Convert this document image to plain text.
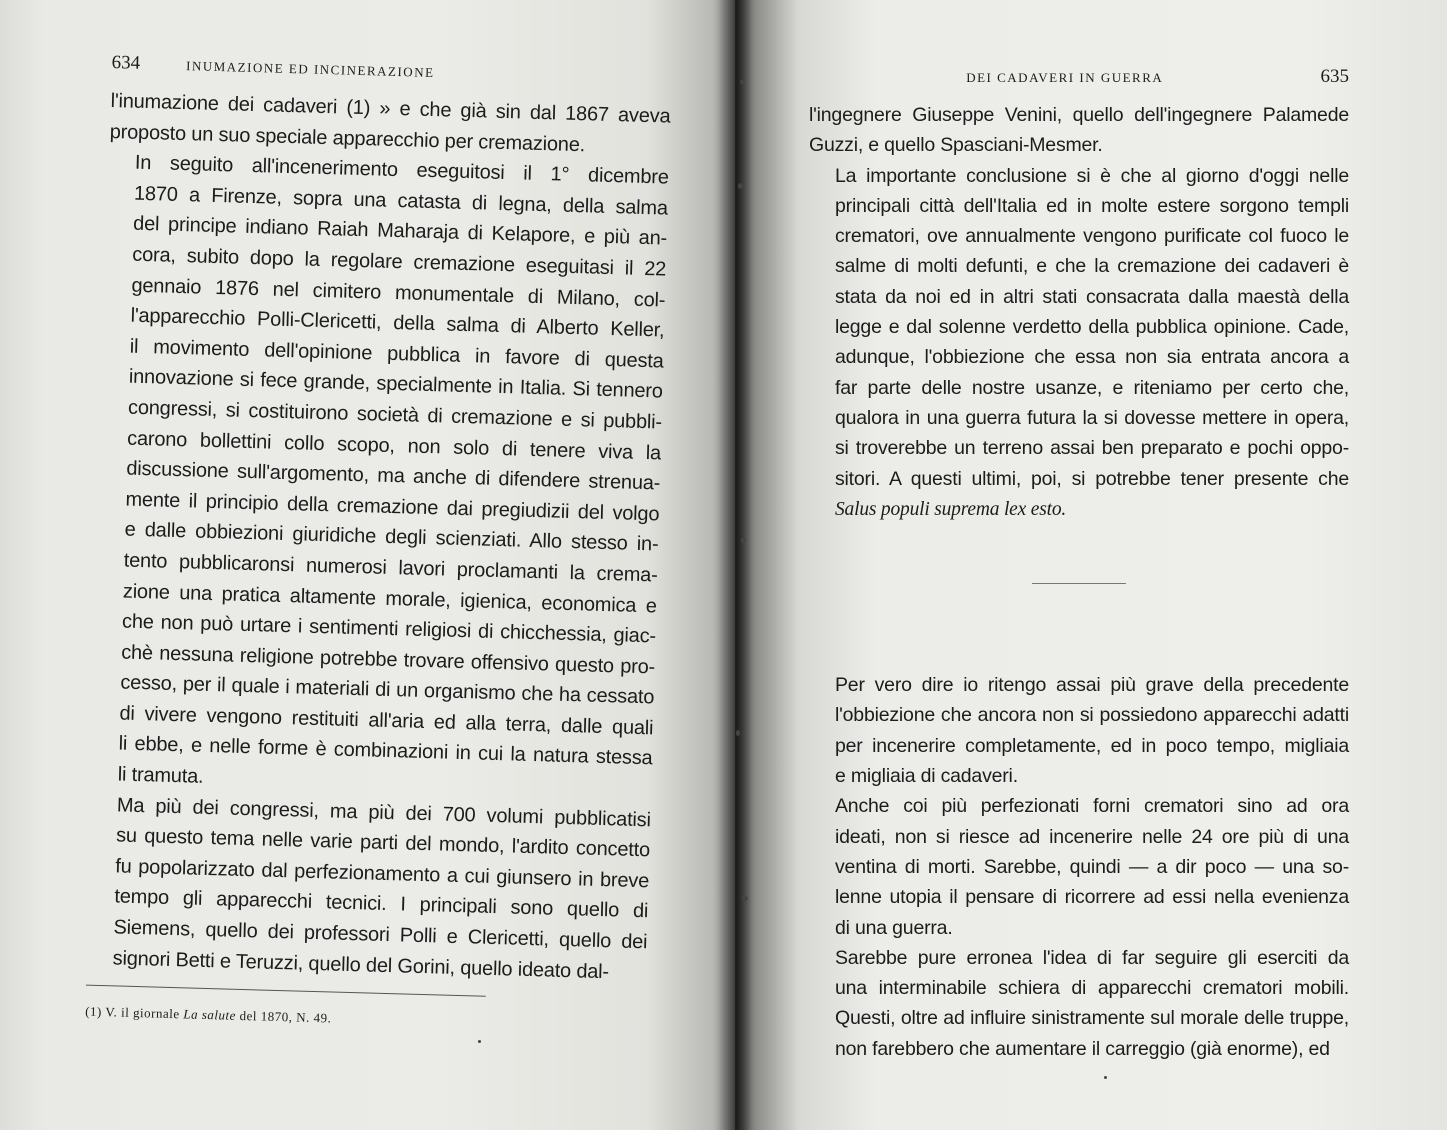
634	INUMAZIONE ED INCINERAZIONE

l'inumazione dei cadaveri (1) » e che già sin dal 1867 aveva
proposto un suo speciale apparecchio per cremazione.

In seguito all'incenerimento eseguitosi il 1° dicembre
1870 a Firenze, sopra una catasta di legna, della salma
del principe indiano Raiah Maharaja di Kelapore, e più an-
cora, subito dopo la regolare cremazione eseguitasi il 22
gennaio 1876 nel cimitero monumentale di Milano, col-
l'apparecchio Polli-Clericetti, della salma di Alberto Keller,
il movimento dell'opinione pubblica in favore di questa
innovazione si fece grande, specialmente in Italia. Si tennero
congressi, si costituirono società di cremazione e si pubbli-
carono bollettini collo scopo, non solo di tenere viva la
discussione sull'argomento, ma anche di difendere strenua-
mente il principio della cremazione dai pregiudizii del volgo
e dalle obbiezioni giuridiche degli scienziati. Allo stesso in-
tento pubblicaronsi numerosi lavori proclamanti la crema-
zione una pratica altamente morale, igienica, economica e
che non può urtare i sentimenti religiosi di chicchessia, giac-
chè nessuna religione potrebbe trovare offensivo questo pro-
cesso, per il quale i materiali di un organismo che ha cessato
di vivere vengono restituiti all'aria ed alla terra, dalle quali
li ebbe, e nelle forme è combinazioni in cui la natura stessa
li tramuta.

Ma più dei congressi, ma più dei 700 volumi pubblicatisi
su questo tema nelle varie parti del mondo, l'ardito concetto
fu popolarizzato dal perfezionamento a cui giunsero in breve
tempo gli apparecchi tecnici. I principali sono quello di
Siemens, quello dei professori Polli e Clericetti, quello dei
signori Betti e Teruzzi, quello del Gorini, quello ideato dal-

(1) V. il giornale La salute del 1870, N. 49.
DEI CADAVERI IN GUERRA	635

l'ingegnere Giuseppe Venini, quello dell'ingegnere Palamede
Guzzi, e quello Spasciani-Mesmer.

La importante conclusione si è che al giorno d'oggi nelle
principali città dell'Italia ed in molte estere sorgono templi
crematori, ove annualmente vengono purificate col fuoco le
salme di molti defunti, e che la cremazione dei cadaveri è
stata da noi ed in altri stati consacrata dalla maestà della
legge e dal solenne verdetto della pubblica opinione. Cade,
adunque, l'obbiezione che essa non sia entrata ancora a
far parte delle nostre usanze, e riteniamo per certo che,
qualora in una guerra futura la si dovesse mettere in opera,
si troverebbe un terreno assai ben preparato e pochi oppo-
sitori. A questi ultimi, poi, si potrebbe tener presente che
Salus populi suprema lex esto.

Per vero dire io ritengo assai più grave della precedente
l'obbiezione che ancora non si possiedono apparecchi adatti
per incenerire completamente, ed in poco tempo, migliaia
e migliaia di cadaveri.

Anche coi più perfezionati forni crematori sino ad ora
ideati, non si riesce ad incenerire nelle 24 ore più di una
ventina di morti. Sarebbe, quindi — a dir poco — una so-
lenne utopia il pensare di ricorrere ad essi nella evenienza
di una guerra.

Sarebbe pure erronea l'idea di far seguire gli eserciti da
una interminabile schiera di apparecchi crematori mobili.
Questi, oltre ad influire sinistramente sul morale delle truppe,
non farebbero che aumentare il carreggio (già enorme), ed
